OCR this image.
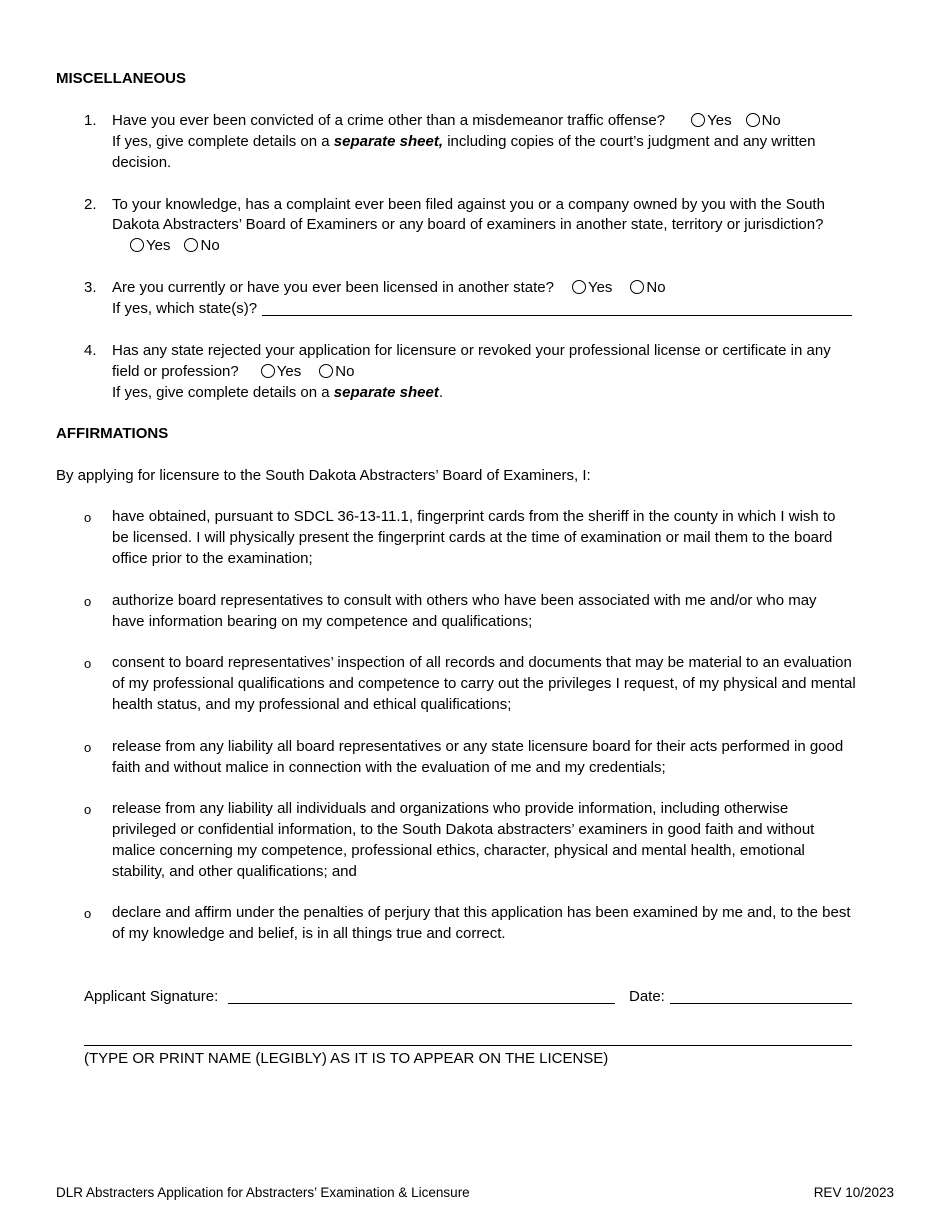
MISCELLANEOUS
1.	Have you ever been convicted of a crime other than a misdemeanor traffic offense?	Yes No
If yes, give complete details on a separate sheet, including copies of the court’s judgment and any written
decision.
2.	To your knowledge, has a complaint ever been filed against you or a company owned by you with the South
Dakota Abstracters’ Board of Examiners or any board of examiners in another state, territory or jurisdiction?
Yes No
3.	Are you currently or have you ever been licensed in another state? Yes No
If yes, which state(s)?
4.	Has any state rejected your application for licensure or revoked your professional license or certificate in any
field or profession?	Yes No
If yes, give complete details on a separate sheet.
AFFIRMATIONS
By applying for licensure to the South Dakota Abstracters’ Board of Examiners, I:
o have obtained, pursuant to SDCL 36-13-11.1, fingerprint cards from the sheriff in the county in which I wish to
be licensed. I will physically present the fingerprint cards at the time of examination or mail them to the board
office prior to the examination;
o authorize board representatives to consult with others who have been associated with me and/or who may
have information bearing on my competence and qualifications;
o consent to board representatives’ inspection of all records and documents that may be material to an evaluation
of my professional qualifications and competence to carry out the privileges I request, of my physical and mental
health status, and my professional and ethical qualifications;
o release from any liability all board representatives or any state licensure board for their acts performed in good
faith and without malice in connection with the evaluation of me and my credentials;
o release from any liability all individuals and organizations who provide information, including otherwise
privileged or confidential information, to the South Dakota abstracters’ examiners in good faith and without
malice concerning my competence, professional ethics, character, physical and mental health, emotional
stability, and other qualifications; and
o declare and affirm under the penalties of perjury that this application has been examined by me and, to the best
of my knowledge and belief, is in all things true and correct.
Applicant Signature:	Date:
(TYPE OR PRINT NAME (LEGIBLY) AS IT IS TO APPEAR ON THE LICENSE)
DLR Abstracters Application for Abstracters’ Examination & Licensure	REV 10/2023
